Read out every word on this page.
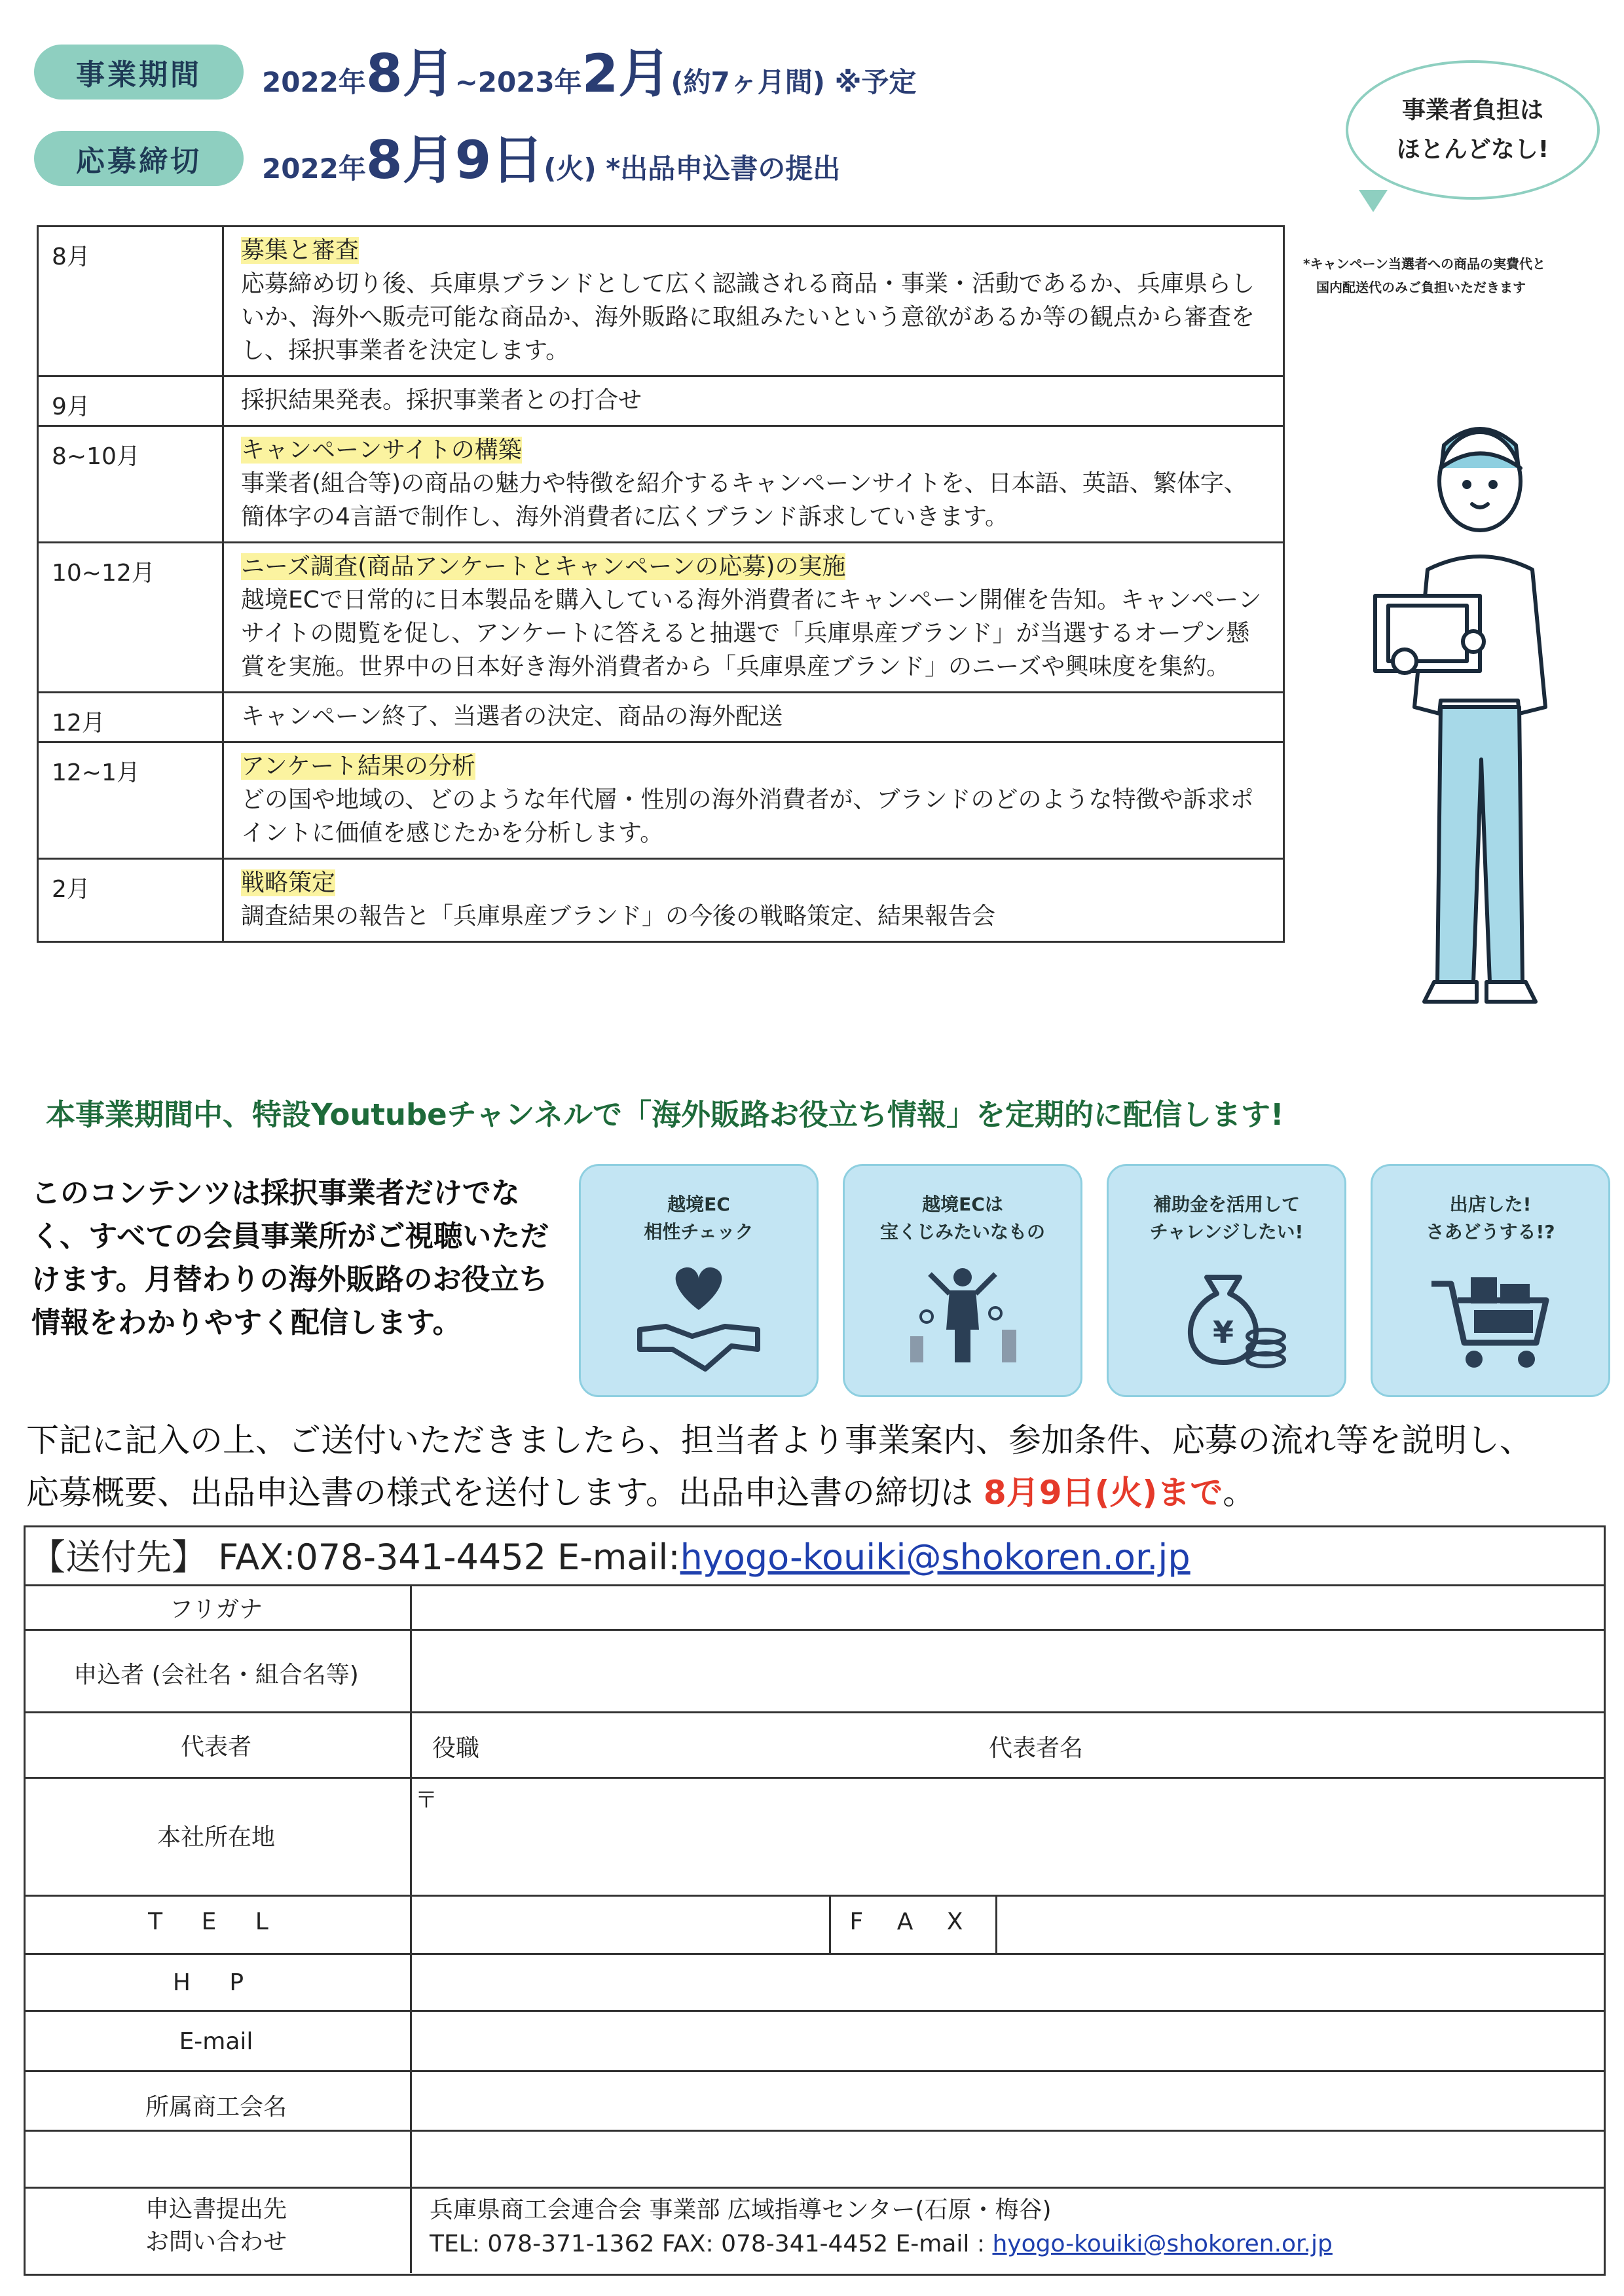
事業期間	2022年8月~2023年2月(約7ヶ月間) ※予定
応募締切	2022年8月9日(火) *出品申込書の提出
事業者負担は
ほとんどなし!
*キャンペーン当選者への商品の実費代と
国内配送代のみご負担いただきます
8月	募集と審査
応募締め切り後、兵庫県ブランドとして広く認識される商品・事業・活動であるか、兵庫県らしいか、海外へ販売可能な商品か、海外販路に取組みたいという意欲があるか等の観点から審査をし、採択事業者を決定します。

9月	採択結果発表。採択事業者との打合せ

8~10月	キャンペーンサイトの構築
事業者(組合等)の商品の魅力や特徴を紹介するキャンペーンサイトを、日本語、英語、繁体字、簡体字の4言語で制作し、海外消費者に広くブランド訴求していきます。

10~12月	ニーズ調査(商品アンケートとキャンペーンの応募)の実施
越境ECで日常的に日本製品を購入している海外消費者にキャンペーン開催を告知。キャンペーンサイトの閲覧を促し、アンケートに答えると抽選で「兵庫県産ブランド」が当選するオープン懸賞を実施。世界中の日本好き海外消費者から「兵庫県産ブランド」のニーズや興味度を集約。

12月	キャンペーン終了、当選者の決定、商品の海外配送

12~1月	アンケート結果の分析
どの国や地域の、どのような年代層・性別の海外消費者が、ブランドのどのような特徴や訴求ポイントに価値を感じたかを分析します。

2月	戦略策定
調査結果の報告と「兵庫県産ブランド」の今後の戦略策定、結果報告会
本事業期間中、特設Youtubeチャンネルで「海外販路お役立ち情報」を定期的に配信します!
このコンテンツは採択事業者だけでなく、すべての会員事業所がご視聴いただけます。月替わりの海外販路のお役立ち情報をわかりやすく配信します。
越境EC
相性チェック
越境ECは
宝くじみたいなもの
補助金を活用して
チャレンジしたい!
¥
出店した!
さあどうする!?
下記に記入の上、ご送付いただきましたら、担当者より事業案内、参加条件、応募の流れ等を説明し、
応募概要、出品申込書の様式を送付します。出品申込書の締切は 8月9日(火)まで。
【送付先】 FAX:078-341-4452 E-mail:hyogo-kouiki@shokoren.or.jp
フリガナ
申込者 (会社名・組合名等)
代表者	役職	代表者名
本社所在地
〒
T E L	F A X
H P
E-mail
所属商工会名
申込書提出先
お問い合わせ
兵庫県商工会連合会 事業部 広域指導センター(石原・梅谷)
TEL: 078-371-1362 FAX: 078-341-4452 E-mail : hyogo-kouiki@shokoren.or.jp
